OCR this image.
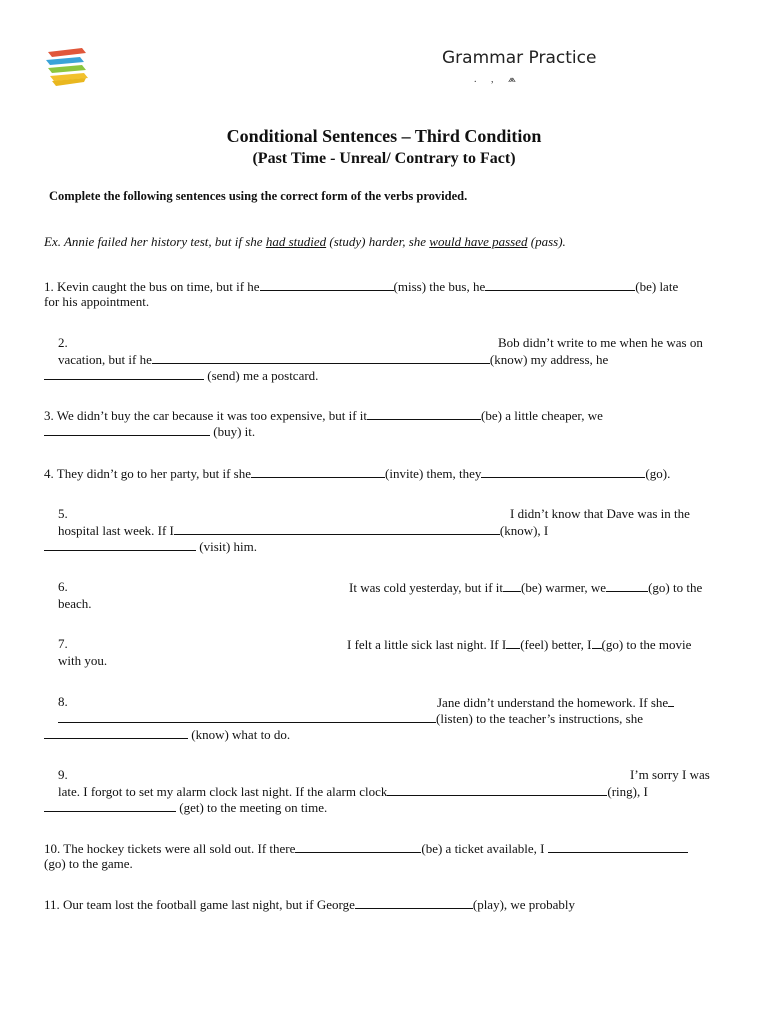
Grammar Practice
. , ⩕
Conditional Sentences – Third Condition
(Past Time - Unreal/ Contrary to Fact)
Complete the following sentences using the correct form of the verbs provided.
Ex. Annie failed her history test, but if she had studied (study) harder, she would have passed (pass).
1. Kevin caught the bus on time, but if he	(miss) the bus, he	(be) late
for his appointment.
2.	Bob didn’t write to me when he was on
vacation, but if he	(know) my address, he
(send) me a postcard.
3. We didn’t buy the car because it was too expensive, but if it	(be) a little cheaper, we
(buy) it.
4. They didn’t go to her party, but if she	(invite) them, they	(go).
5.	I didn’t know that Dave was in the
hospital last week. If I	(know), I
(visit) him.
6.	It was cold yesterday, but if it (be) warmer, we	(go) to the
beach.
7.	I felt a little sick last night. If I (feel) better, I (go) to the movie
with you.
8.	Jane didn’t understand the homework. If she
(listen) to the teacher’s instructions, she
(know) what to do.
9.	I’m sorry I was
late. I forgot to set my alarm clock last night. If the alarm clock	(ring), I
(get) to the meeting on time.
10. The hockey tickets were all sold out. If there	(be) a ticket available, I
(go) to the game.
11. Our team lost the football game last night, but if George	(play), we probably
